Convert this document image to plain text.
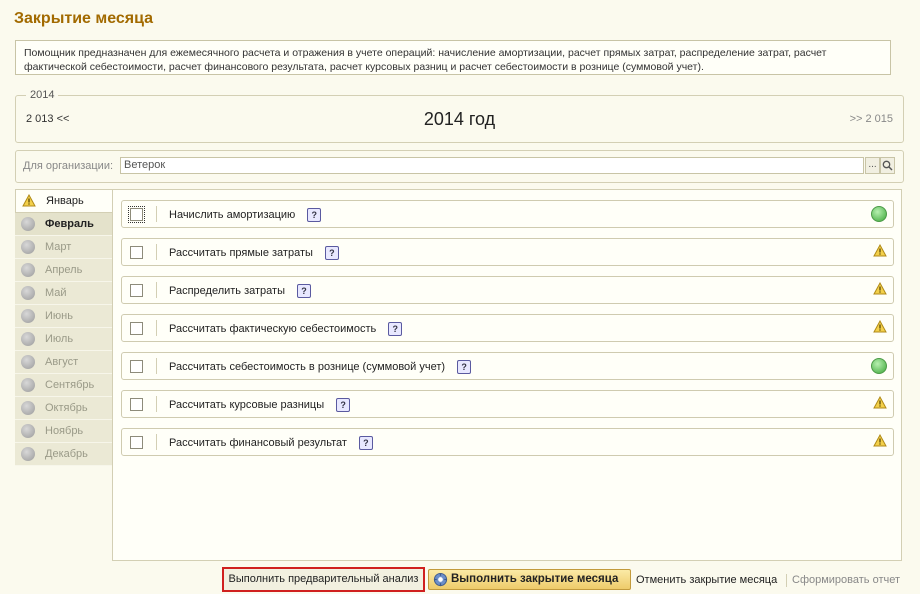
Закрытие месяца
Помощник предназначен для ежемесячного расчета и отражения в учете операций: начисление амортизации, расчет прямых затрат, распределение затрат, расчет фактической себестоимости, расчет финансового результата, расчет курсовых разниц и расчет себестоимости в рознице (суммовой учет).
2014
2 013 <<	2014 год	>> 2 015
Для организации: Ветерок	...
Январь
Февраль
Март
Апрель
Май
Июнь
Июль
Август
Сентябрь
Октябрь
Ноябрь
Декабрь
Начислить амортизацию ?
Рассчитать прямые затраты ?
Распределить затраты ?
Рассчитать фактическую себестоимость ?
Рассчитать себестоимость в рознице (суммовой учет) ?
Рассчитать курсовые разницы ?
Рассчитать финансовый результат ?
Выполнить предварительный анализ	Выполнить закрытие месяца	Отменить закрытие месяца Сформировать отчет
